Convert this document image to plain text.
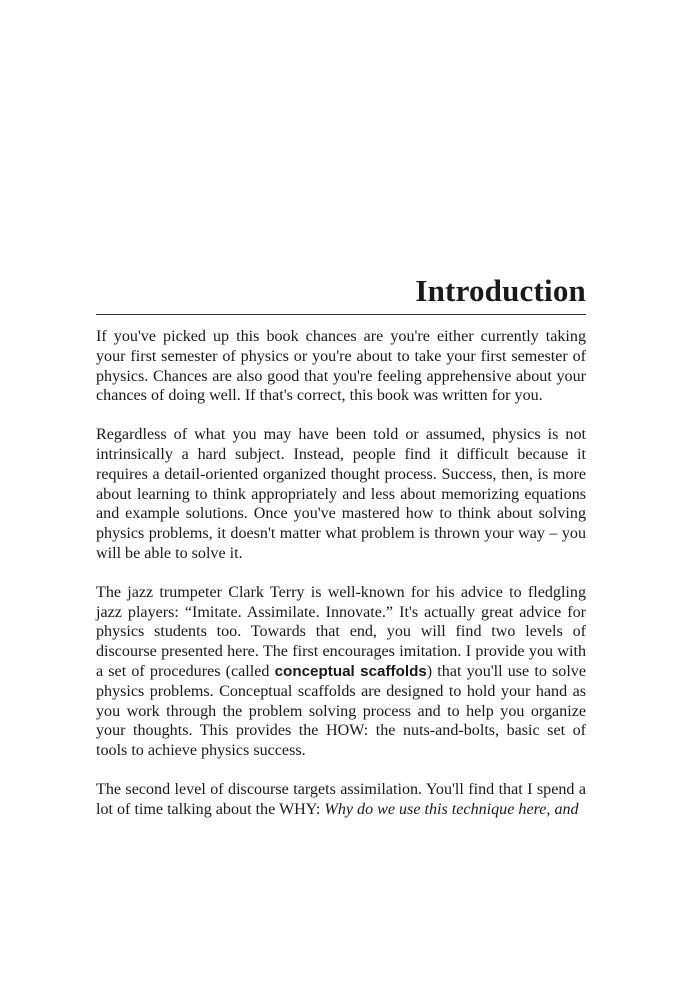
Introduction

If you've picked up this book chances are you're either currently taking your first semester of physics or you're about to take your first semester of physics. Chances are also good that you're feeling apprehensive about your chances of doing well. If that's correct, this book was written for you.

Regardless of what you may have been told or assumed, physics is not intrinsically a hard subject. Instead, people find it difficult because it requires a detail-oriented organized thought process. Success, then, is more about learning to think appropriately and less about memorizing equations and example solutions. Once you've mastered how to think about solving physics problems, it doesn't matter what problem is thrown your way – you will be able to solve it.

The jazz trumpeter Clark Terry is well-known for his advice to fledgling jazz players: “Imitate. Assimilate. Innovate.” It's actually great advice for physics students too. Towards that end, you will find two levels of discourse presented here. The first encourages imitation. I provide you with a set of procedures (called conceptual scaffolds) that you'll use to solve physics problems. Conceptual scaffolds are designed to hold your hand as you work through the problem solving process and to help you organize your thoughts. This provides the HOW: the nuts-and-bolts, basic set of tools to achieve physics success.

The second level of discourse targets assimilation. You'll find that I spend a lot of time talking about the WHY: Why do we use this technique here, and
